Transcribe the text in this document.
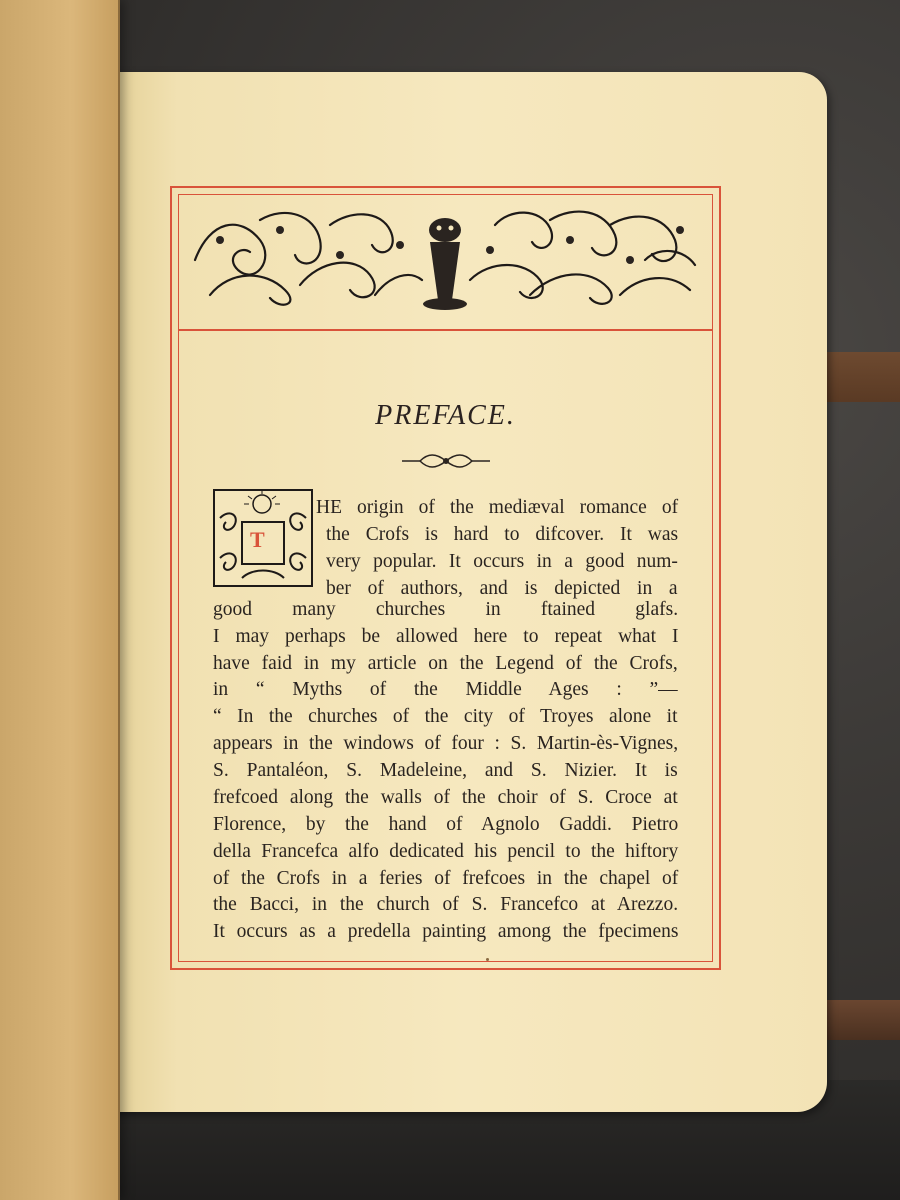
PREFACE.
T
HE origin of the mediæval romance of
the Crofs is hard to difcover. It was
very popular. It occurs in a good num-
ber of authors, and is depicted in a
good many churches in ftained glafs.
I may perhaps be allowed here to repeat what I
have faid in my article on the Legend of the Crofs,
in “ Myths of the Middle Ages : ”—
“ In the churches of the city of Troyes alone it
appears in the windows of four : S. Martin-ès-Vignes,
S. Pantaléon, S. Madeleine, and S. Nizier. It is
frefcoed along the walls of the choir of S. Croce at
Florence, by the hand of Agnolo Gaddi. Pietro
della Francefca alfo dedicated his pencil to the hiftory
of the Crofs in a feries of frefcoes in the chapel of
the Bacci, in the church of S. Francefco at Arezzo.
It occurs as a predella painting among the fpecimens
